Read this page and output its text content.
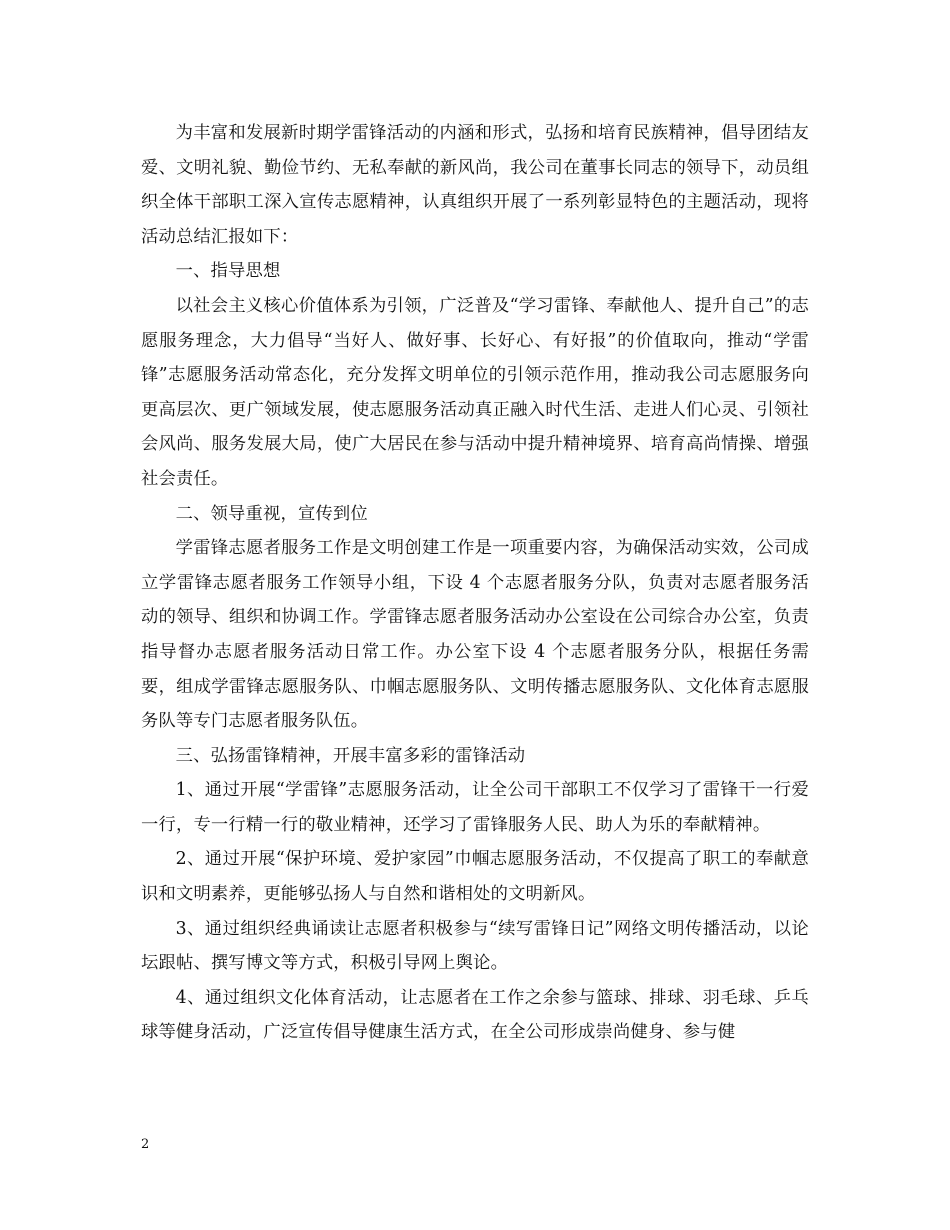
为丰富和发展新时期学雷锋活动的内涵和形式，弘扬和培育民族精神，倡导团结友爱、文明礼貌、勤俭节约、无私奉献的新风尚，我公司在董事长同志的领导下，动员组织全体干部职工深入宣传志愿精神，认真组织开展了一系列彰显特色的主题活动，现将活动总结汇报如下：

一、指导思想

以社会主义核心价值体系为引领，广泛普及“学习雷锋、奉献他人、提升自己”的志愿服务理念，大力倡导“当好人、做好事、长好心、有好报”的价值取向，推动“学雷锋”志愿服务活动常态化，充分发挥文明单位的引领示范作用，推动我公司志愿服务向更高层次、更广领域发展，使志愿服务活动真正融入时代生活、走进人们心灵、引领社会风尚、服务发展大局，使广大居民在参与活动中提升精神境界、培育高尚情操、增强社会责任。

二、领导重视，宣传到位

学雷锋志愿者服务工作是文明创建工作是一项重要内容，为确保活动实效，公司成立学雷锋志愿者服务工作领导小组，下设 4 个志愿者服务分队，负责对志愿者服务活动的领导、组织和协调工作。学雷锋志愿者服务活动办公室设在公司综合办公室，负责指导督办志愿者服务活动日常工作。办公室下设 4 个志愿者服务分队，根据任务需要，组成学雷锋志愿服务队、巾帼志愿服务队、文明传播志愿服务队、文化体育志愿服务队等专门志愿者服务队伍。

三、弘扬雷锋精神，开展丰富多彩的雷锋活动

1、通过开展“学雷锋”志愿服务活动，让全公司干部职工不仅学习了雷锋干一行爱一行，专一行精一行的敬业精神，还学习了雷锋服务人民、助人为乐的奉献精神。

2、通过开展“保护环境、爱护家园”巾帼志愿服务活动，不仅提高了职工的奉献意识和文明素养，更能够弘扬人与自然和谐相处的文明新风。

3、通过组织经典诵读让志愿者积极参与“续写雷锋日记”网络文明传播活动，以论坛跟帖、撰写博文等方式，积极引导网上舆论。

4、通过组织文化体育活动，让志愿者在工作之余参与篮球、排球、羽毛球、乒乓球等健身活动，广泛宣传倡导健康生活方式，在全公司形成崇尚健身、参与健

2
